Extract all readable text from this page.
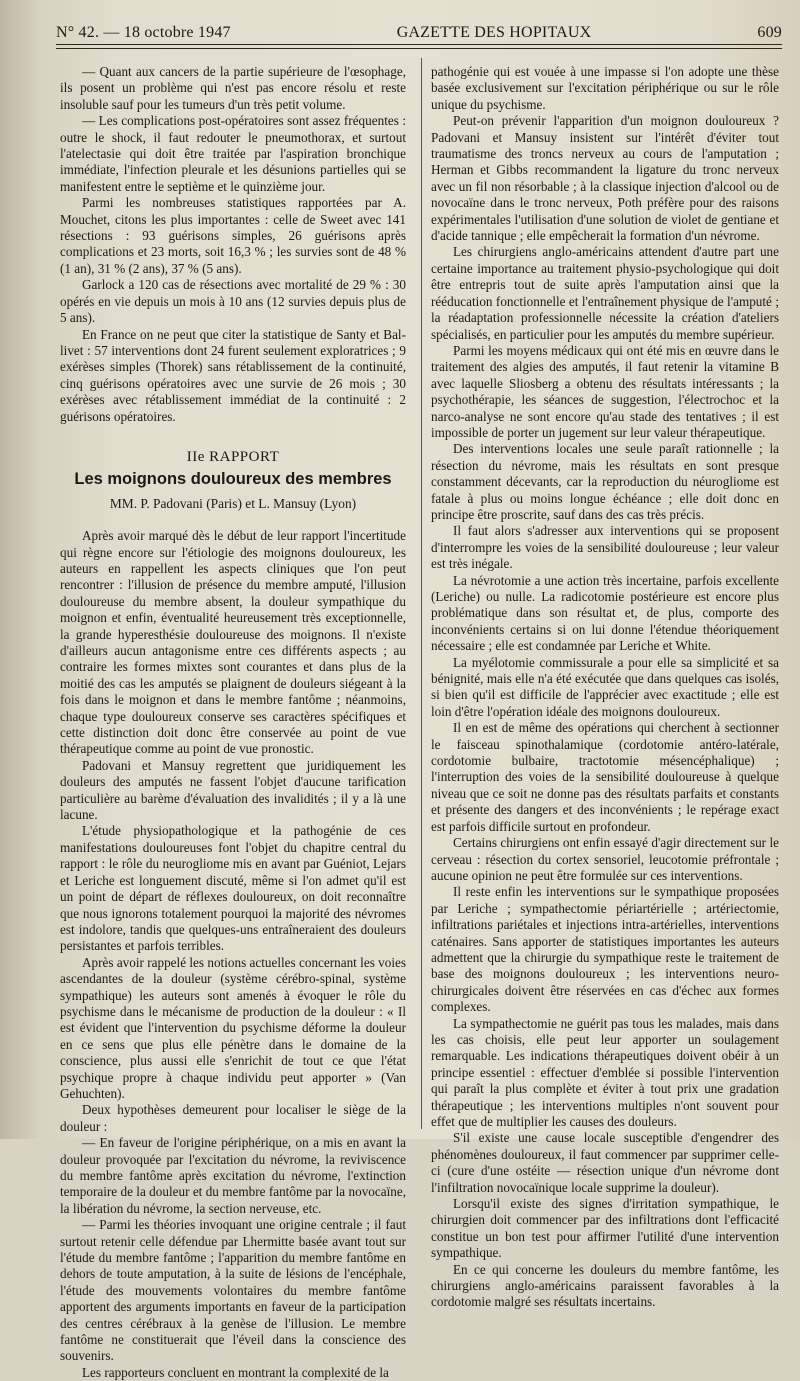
N° 42. — 18 octobre 1947	GAZETTE DES HOPITAUX	609

— Quant aux cancers de la partie supérieure de l'œsophage, ils posent un problème qui n'est pas encore résolu et reste insoluble sauf pour les tumeurs d'un très petit volume.

— Les complications post-opératoires sont assez fréquentes : outre le shock, il faut redouter le pneumothorax, et surtout l'atelectasie qui doit être traitée par l'aspiration bronchique immédiate, l'infection pleurale et les désunions partielles qui se manifestent entre le septième et le quinzième jour.

Parmi les nombreuses statistiques rapportées par A. Mouchet, citons les plus importantes : celle de Sweet avec 141 résections : 93 guérisons simples, 26 guérisons après complications et 23 morts, soit 16,3 % ; les survies sont de 48 % (1 an), 31 % (2 ans), 37 % (5 ans).

Garlock a 120 cas de résections avec mortalité de 29 % : 30 opérés en vie depuis un mois à 10 ans (12 survies depuis plus de 5 ans).

En France on ne peut que citer la statistique de Santy et Bal-livet : 57 interventions dont 24 furent seulement exploratrices ; 9 exérèses simples (Thorek) sans rétablissement de la continuité, cinq guérisons opératoires avec une survie de 26 mois ; 30 exérèses avec rétablissement immédiat de la continuité : 2 guérisons opératoires.

IIe RAPPORT
Les moignons douloureux des membres
MM. P. Padovani (Paris) et L. Mansuy (Lyon)

Après avoir marqué dès le début de leur rapport l'incertitude qui règne encore sur l'étiologie des moignons douloureux, les auteurs en rappellent les aspects cliniques que l'on peut rencontrer : l'illusion de présence du membre amputé, l'illusion douloureuse du membre absent, la douleur sympathique du moignon et enfin, éventualité heureusement très exceptionnelle, la grande hyperesthésie douloureuse des moignons. Il n'existe d'ailleurs aucun antagonisme entre ces différents aspects ; au contraire les formes mixtes sont courantes et dans plus de la moitié des cas les amputés se plaignent de douleurs siégeant à la fois dans le moignon et dans le membre fantôme ; néanmoins, chaque type douloureux conserve ses caractères spécifiques et cette distinction doit donc être conservée au point de vue thérapeutique comme au point de vue pronostic.

Padovani et Mansuy regrettent que juridiquement les douleurs des amputés ne fassent l'objet d'aucune tarification particulière au barème d'évaluation des invalidités ; il y a là une lacune.

L'étude physiopathologique et la pathogénie de ces manifestations douloureuses font l'objet du chapitre central du rapport : le rôle du neurogliome mis en avant par Guéniot, Lejars et Leriche est longuement discuté, même si l'on admet qu'il est un point de départ de réflexes douloureux, on doit reconnaître que nous ignorons totalement pourquoi la majorité des névromes est indolore, tandis que quelques-uns entraîneraient des douleurs persistantes et parfois terribles.

Après avoir rappelé les notions actuelles concernant les voies ascendantes de la douleur (système cérébro-spinal, système sympathique) les auteurs sont amenés à évoquer le rôle du psychisme dans le mécanisme de production de la douleur : « Il est évident que l'intervention du psychisme déforme la douleur en ce sens que plus elle pénètre dans le domaine de la conscience, plus aussi elle s'enrichit de tout ce que l'état psychique propre à chaque individu peut apporter » (Van Gehuchten).

Deux hypothèses demeurent pour localiser le siège de la douleur :

— En faveur de l'origine périphérique, on a mis en avant la douleur provoquée par l'excitation du névrome, la reviviscence du membre fantôme après excitation du névrome, l'extinction temporaire de la douleur et du membre fantôme par la novocaïne, la libération du névrome, la section nerveuse, etc.

— Parmi les théories invoquant une origine centrale ; il faut surtout retenir celle défendue par Lhermitte basée avant tout sur l'étude du membre fantôme ; l'apparition du membre fantôme en dehors de toute amputation, à la suite de lésions de l'encéphale, l'étude des mouvements volontaires du membre fantôme apportent des arguments importants en faveur de la participation des centres cérébraux à la genèse de l'illusion. Le membre fantôme ne constituerait que l'éveil dans la conscience des souvenirs.

Les rapporteurs concluent en montrant la complexité de la

pathogénie qui est vouée à une impasse si l'on adopte une thèse basée exclusivement sur l'excitation périphérique ou sur le rôle unique du psychisme.

Peut-on prévenir l'apparition d'un moignon douloureux ? Padovani et Mansuy insistent sur l'intérêt d'éviter tout traumatisme des troncs nerveux au cours de l'amputation ; Herman et Gibbs recommandent la ligature du tronc nerveux avec un fil non résorbable ; à la classique injection d'alcool ou de novocaïne dans le tronc nerveux, Poth préfère pour des raisons expérimentales l'utilisation d'une solution de violet de gentiane et d'acide tannique ; elle empêcherait la formation d'un névrome.

Les chirurgiens anglo-américains attendent d'autre part une certaine importance au traitement physio-psychologique qui doit être entrepris tout de suite après l'amputation ainsi que la rééducation fonctionnelle et l'entraînement physique de l'amputé ; la réadaptation professionnelle nécessite la création d'ateliers spécialisés, en particulier pour les amputés du membre supérieur.

Parmi les moyens médicaux qui ont été mis en œuvre dans le traitement des algies des amputés, il faut retenir la vitamine B avec laquelle Sliosberg a obtenu des résultats intéressants ; la psychothérapie, les séances de suggestion, l'électrochoc et la narco-analyse ne sont encore qu'au stade des tentatives ; il est impossible de porter un jugement sur leur valeur thérapeutique.

Des interventions locales une seule paraît rationnelle ; la résection du névrome, mais les résultats en sont presque constamment décevants, car la reproduction du néurogliome est fatale à plus ou moins longue échéance ; elle doit donc en principe être proscrite, sauf dans des cas très précis.

Il faut alors s'adresser aux interventions qui se proposent d'interrompre les voies de la sensibilité douloureuse ; leur valeur est très inégale.

La névrotomie a une action très incertaine, parfois excellente (Leriche) ou nulle. La radicotomie postérieure est encore plus problématique dans son résultat et, de plus, comporte des inconvénients certains si on lui donne l'étendue théoriquement nécessaire ; elle est condamnée par Leriche et White.

La myélotomie commissurale a pour elle sa simplicité et sa bénignité, mais elle n'a été exécutée que dans quelques cas isolés, si bien qu'il est difficile de l'apprécier avec exactitude ; elle est loin d'être l'opération idéale des moignons douloureux.

Il en est de même des opérations qui cherchent à sectionner le faisceau spinothalamique (cordotomie antéro-latérale, cordotomie bulbaire, tractotomie mésencéphalique) ; l'interruption des voies de la sensibilité douloureuse à quelque niveau que ce soit ne donne pas des résultats parfaits et constants et présente des dangers et des inconvénients ; le repérage exact est parfois difficile surtout en profondeur.

Certains chirurgiens ont enfin essayé d'agir directement sur le cerveau : résection du cortex sensoriel, leucotomie préfrontale ; aucune opinion ne peut être formulée sur ces interventions.

Il reste enfin les interventions sur le sympathique proposées par Leriche ; sympathectomie périartérielle ; artériectomie, infiltrations pariétales et injections intra-artérielles, interventions caténaires. Sans apporter de statistiques importantes les auteurs admettent que la chirurgie du sympathique reste le traitement de base des moignons douloureux ; les interventions neuro-chirurgicales doivent être réservées en cas d'échec aux formes complexes.

La sympathectomie ne guérit pas tous les malades, mais dans les cas choisis, elle peut leur apporter un soulagement remarquable. Les indications thérapeutiques doivent obéir à un principe essentiel : effectuer d'emblée si possible l'intervention qui paraît la plus complète et éviter à tout prix une gradation thérapeutique ; les interventions multiples n'ont souvent pour effet que de multiplier les causes des douleurs.

S'il existe une cause locale susceptible d'engendrer des phénomènes douloureux, il faut commencer par supprimer celle-ci (cure d'une ostéite — résection unique d'un névrome dont l'infiltration novocaïnique locale supprime la douleur).

Lorsqu'il existe des signes d'irritation sympathique, le chirurgien doit commencer par des infiltrations dont l'efficacité constitue un bon test pour affirmer l'utilité d'une intervention sympathique.

En ce qui concerne les douleurs du membre fantôme, les chirurgiens anglo-américains paraissent favorables à la cordotomie malgré ses résultats incertains.
